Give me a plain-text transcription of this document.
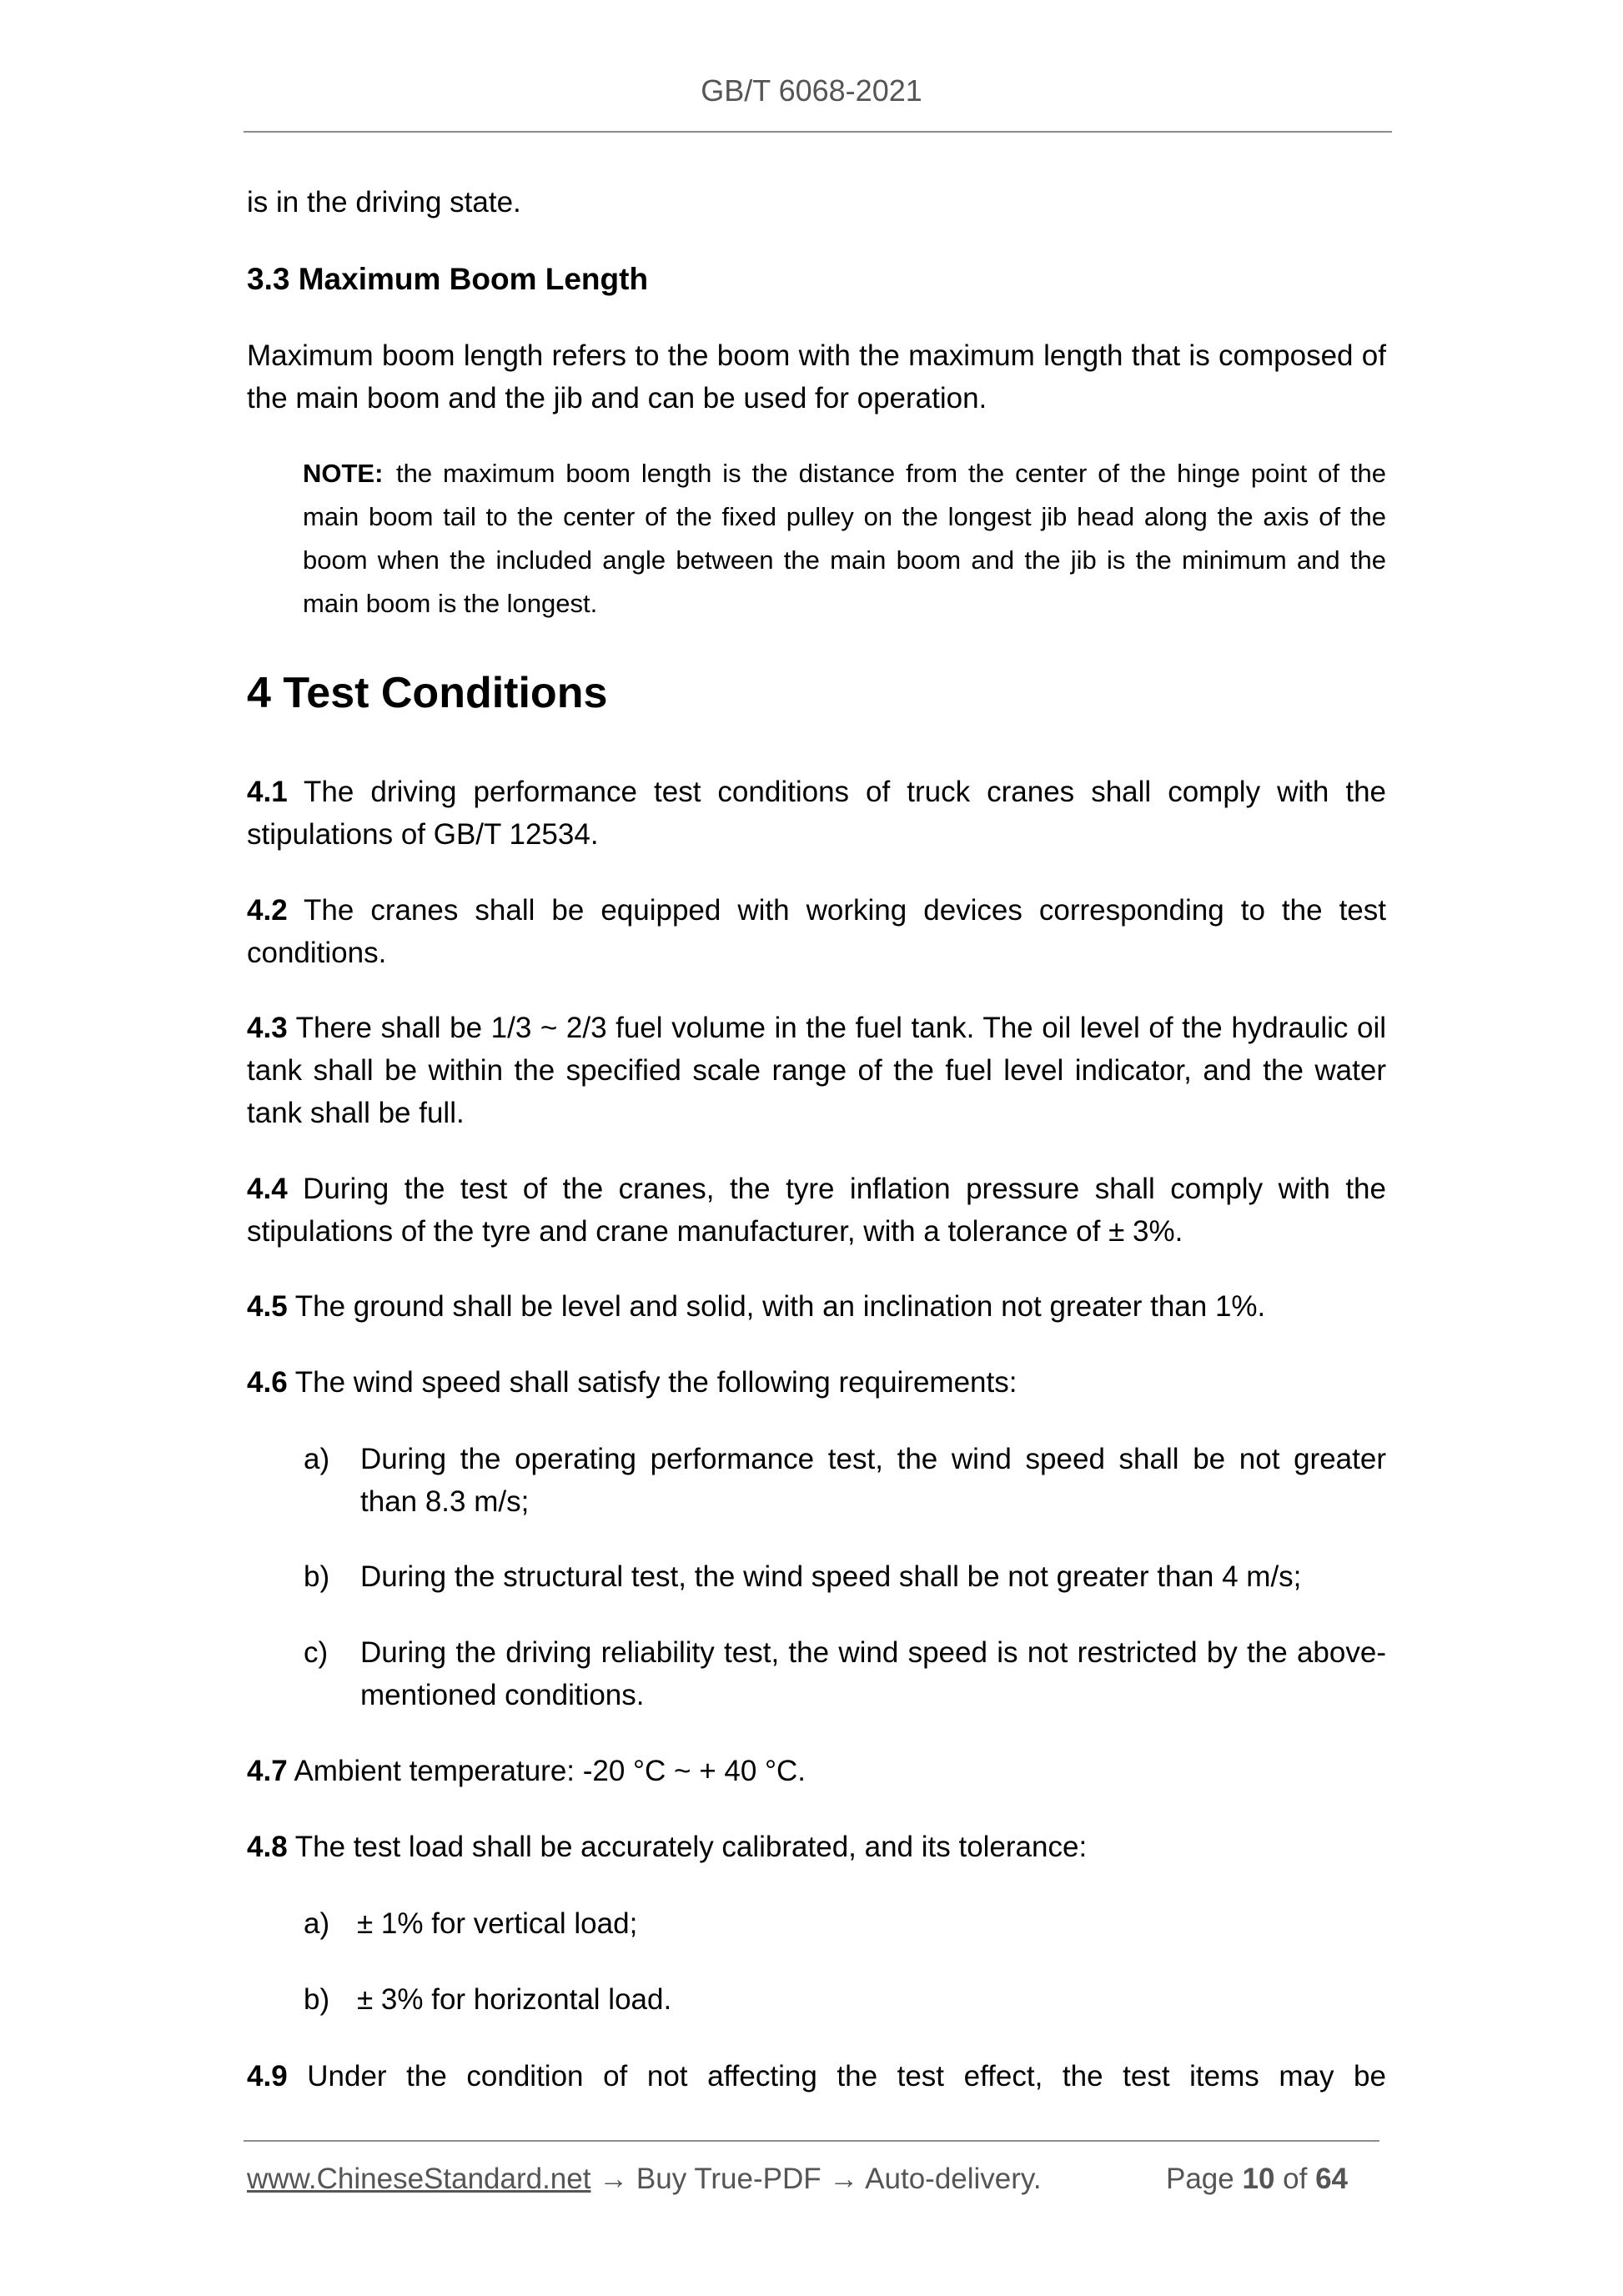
GB/T 6068-2021
is in the driving state.
3.3 Maximum Boom Length
Maximum boom length refers to the boom with the maximum length that is composed of the main boom and the jib and can be used for operation.
NOTE: the maximum boom length is the distance from the center of the hinge point of the main boom tail to the center of the fixed pulley on the longest jib head along the axis of the boom when the included angle between the main boom and the jib is the minimum and the main boom is the longest.
4 Test Conditions
4.1 The driving performance test conditions of truck cranes shall comply with the stipulations of GB/T 12534.
4.2 The cranes shall be equipped with working devices corresponding to the test conditions.
4.3 There shall be 1/3 ~ 2/3 fuel volume in the fuel tank. The oil level of the hydraulic oil tank shall be within the specified scale range of the fuel level indicator, and the water tank shall be full.
4.4 During the test of the cranes, the tyre inflation pressure shall comply with the stipulations of the tyre and crane manufacturer, with a tolerance of ± 3%.
4.5 The ground shall be level and solid, with an inclination not greater than 1%.
4.6 The wind speed shall satisfy the following requirements:
a) During the operating performance test, the wind speed shall be not greater than 8.3 m/s;
b) During the structural test, the wind speed shall be not greater than 4 m/s;
c) During the driving reliability test, the wind speed is not restricted by the above-mentioned conditions.
4.7 Ambient temperature: -20 °C ~ + 40 °C.
4.8 The test load shall be accurately calibrated, and its tolerance:
a) ± 1% for vertical load;
b) ± 3% for horizontal load.
4.9 Under the condition of not affecting the test effect, the test items may be
www.ChineseStandard.net → Buy True-PDF → Auto-delivery.	Page 10 of 64
